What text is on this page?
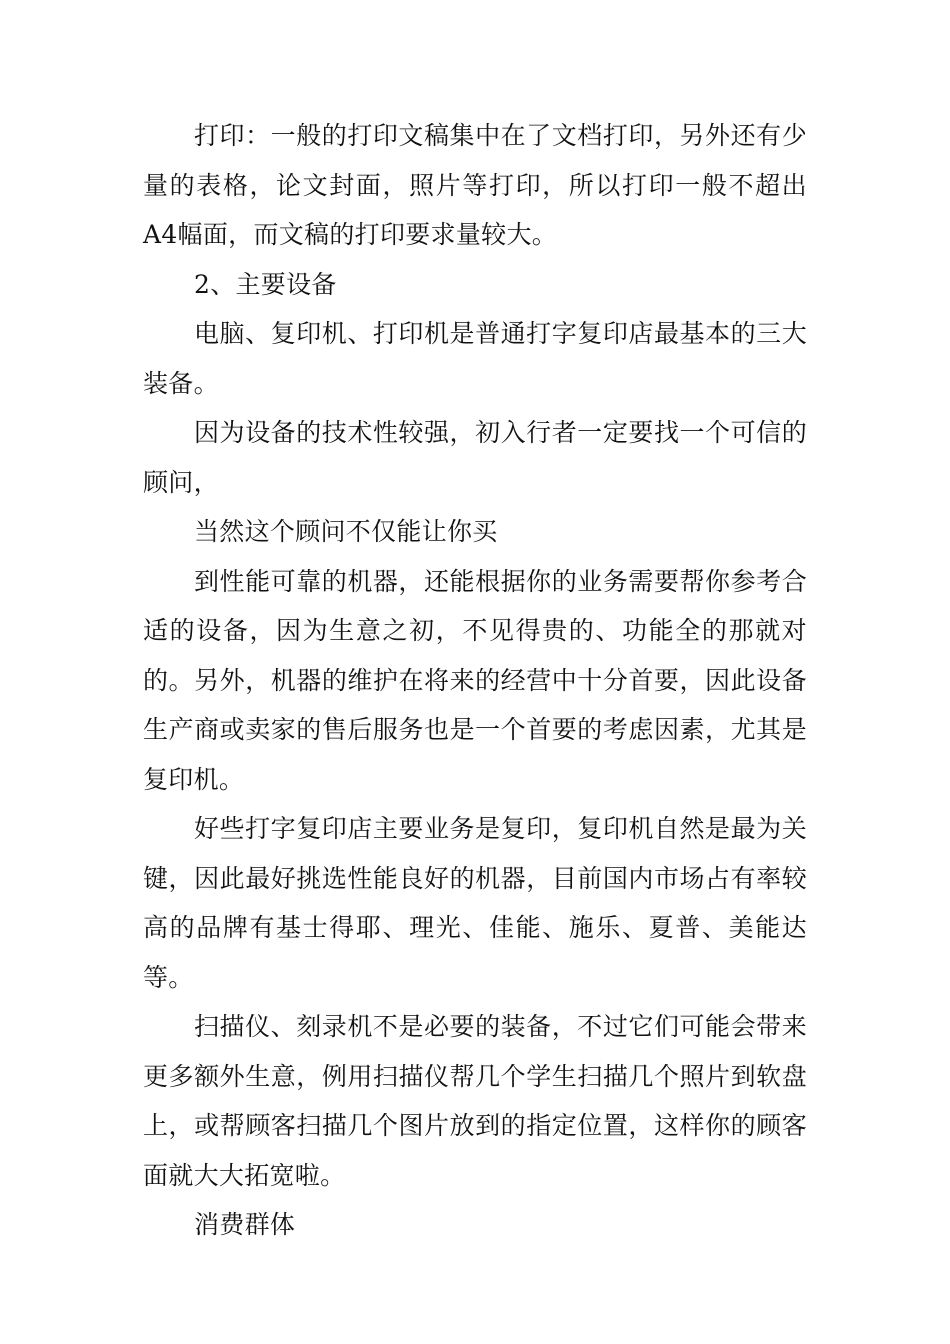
打印：一般的打印文稿集中在了文档打印，另外还有少量的表格，论文封面，照片等打印，所以打印一般不超出A4幅面，而文稿的打印要求量较大。

2、主要设备

电脑、复印机、打印机是普通打字复印店最基本的三大装备。

因为设备的技术性较强，初入行者一定要找一个可信的顾问，

当然这个顾问不仅能让你买

到性能可靠的机器，还能根据你的业务需要帮你参考合适的设备，因为生意之初，不见得贵的、功能全的那就对的。另外，机器的维护在将来的经营中十分首要，因此设备生产商或卖家的售后服务也是一个首要的考虑因素，尤其是复印机。

好些打字复印店主要业务是复印，复印机自然是最为关键，因此最好挑选性能良好的机器，目前国内市场占有率较高的品牌有基士得耶、理光、佳能、施乐、夏普、美能达等。

扫描仪、刻录机不是必要的装备，不过它们可能会带来更多额外生意，例用扫描仪帮几个学生扫描几个照片到软盘上，或帮顾客扫描几个图片放到的指定位置，这样你的顾客面就大大拓宽啦。

消费群体
